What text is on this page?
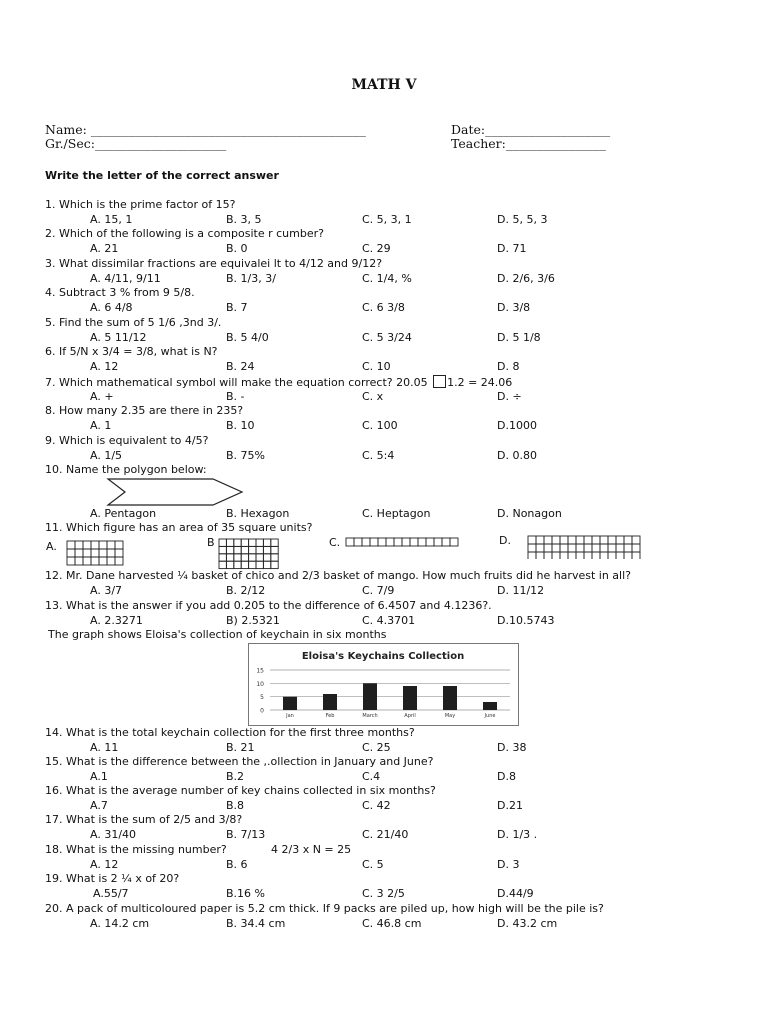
MATH V
Name: ____________________________________________	Date:____________________
Gr./Sec:_____________________	Teacher:________________
Write the letter of the correct answer
1. Which is the prime factor of 15?
A. 15, 1	B. 3, 5	C. 5, 3, 1	D. 5, 5, 3
2. Which of the following is a composite r cumber?
A. 21	B. 0	C. 29	D. 71
3. What dissimilar fractions are equivalei lt to 4/12 and 9/12?
A. 4/11, 9/11	B. 1/3, 3/	C. 1/4, %	D. 2/6, 3/6
4. Subtract 3 % from 9 5/8.
A. 6 4/8	B. 7	C. 6 3/8	D. 3/8
5. Find the sum of 5 1/6 ,3nd 3/.
A. 5 11/12	B. 5 4/0	C. 5 3/24	D. 5 1/8
6. If 5/N x 3/4 = 3/8, what is N?
A. 12	B. 24	C. 10	D. 8
7. Which mathematical symbol will make the equation correct? 20.05 1.2 = 24.06
A. +	B. -	C. x	D. ÷
8. How many 2.35 are there in 235?
A. 1	B. 10	C. 100	D.1000
9. Which is equivalent to 4/5?
A. 1/5	B. 75%	C. 5:4	D. 0.80
10. Name the polygon below:
A. Pentagon	B. Hexagon	C. Heptagon	D. Nonagon
11. Which figure has an area of 35 square units?
A.	B	C.	D.
12. Mr. Dane harvested ¼ basket of chico and 2/3 basket of mango. How much fruits did he harvest in all?
A. 3/7	B. 2/12	C. 7/9	D. 11/12
13. What is the answer if you add 0.205 to the difference of 6.4507 and 4.1236?.
A. 2.3271	B) 2.5321	C. 4.3701	D.10.5743
The graph shows Eloisa's collection of keychain in six months
Eloisa's Keychains Collection
0
5
10
15
Jan	Feb	March	April	May	June
14. What is the total keychain collection for the first three months?
A. 11	B. 21	C. 25	D. 38
15. What is the difference between the ,.ollection in January and June?
A.1	B.2	C.4	D.8
16. What is the average number of key chains collected in six months?
A.7	B.8	C. 42	D.21
17. What is the sum of 2/5 and 3/8?
A. 31/40	B. 7/13	C. 21/40	D. 1/3 .
18. What is the missing number?	4 2/3 x N = 25
A. 12	B. 6	C. 5	D. 3
19. What is 2 ¼ x of 20?
A.55/7	B.16 %	C. 3 2/5	D.44/9
20. A pack of multicoloured paper is 5.2 cm thick. If 9 packs are piled up, how high will be the pile is?
A. 14.2 cm	B. 34.4 cm	C. 46.8 cm	D. 43.2 cm
